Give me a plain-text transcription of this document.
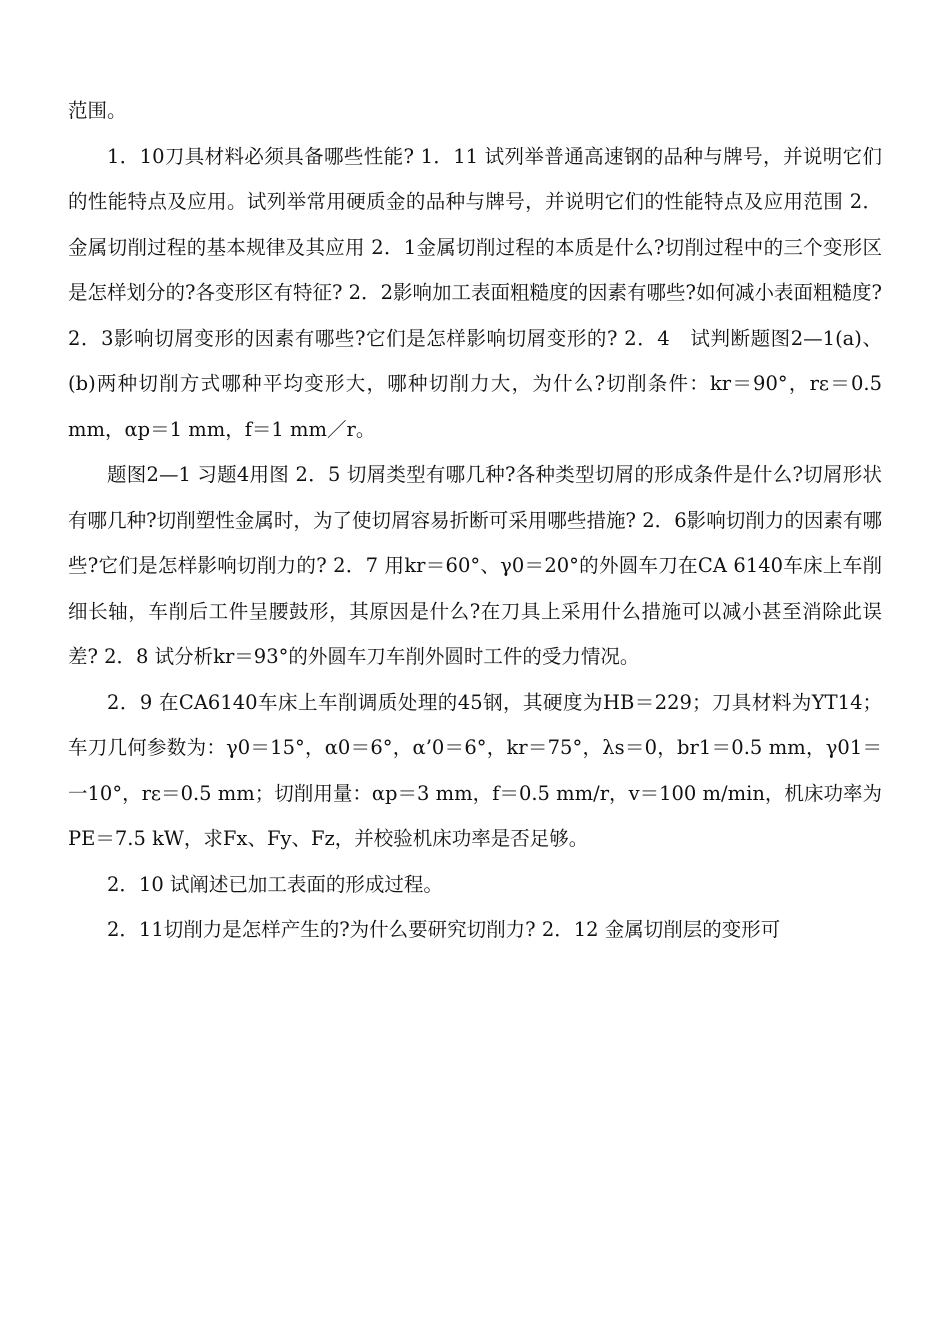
范围。

1．10刀具材料必须具备哪些性能? 1．11 试列举普通高速钢的品种与牌号，并说明它们的性能特点及应用。试列举常用硬质金的品种与牌号，并说明它们的性能特点及应用范围 2．金属切削过程的基本规律及其应用 2．1金属切削过程的本质是什么?切削过程中的三个变形区是怎样划分的?各变形区有特征? 2．2影响加工表面粗糙度的因素有哪些?如何减小表面粗糙度? 2．3影响切屑变形的因素有哪些?它们是怎样影响切屑变形的? 2．4　试判断题图2—1(a)、(b)两种切削方式哪种平均变形大，哪种切削力大，为什么?切削条件：kr＝90°，rε＝0.5 mm，αp＝1 mm，f＝1 mm／r。

题图2—1 习题4用图 2．5 切屑类型有哪几种?各种类型切屑的形成条件是什么?切屑形状有哪几种?切削塑性金属时，为了使切屑容易折断可采用哪些措施? 2．6影响切削力的因素有哪些?它们是怎样影响切削力的? 2．7 用kr＝60°、γ0＝20°的外圆车刀在CA 6140车床上车削细长轴，车削后工件呈腰鼓形，其原因是什么?在刀具上采用什么措施可以减小甚至消除此误差? 2．8 试分析kr＝93°的外圆车刀车削外圆时工件的受力情况。

2．9 在CA6140车床上车削调质处理的45钢，其硬度为HB＝229；刀具材料为YT14；车刀几何参数为：γ0＝15°，α0＝6°，α’0＝6°，kr＝75°，λs＝0，br1＝0.5 mm，γ01＝一10°，rε＝0.5 mm；切削用量：αp＝3 mm，f＝0.5 mm/r，v＝100 m/min，机床功率为PE＝7.5 kW，求Fx、Fy、Fz，并校验机床功率是否足够。

2．10 试阐述已加工表面的形成过程。

2．11切削力是怎样产生的?为什么要研究切削力? 2．12 金属切削层的变形可
